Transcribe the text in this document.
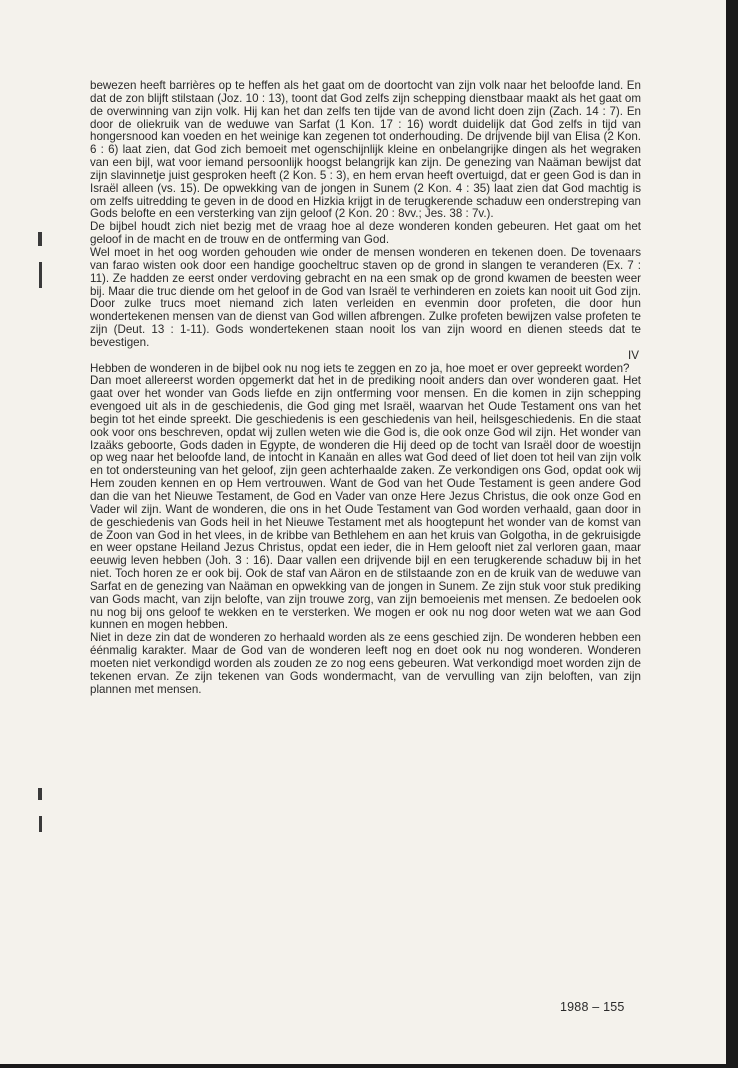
bewezen heeft barrières op te heffen als het gaat om de doortocht van zijn volk naar het beloofde land. En dat de zon blijft stilstaan (Joz. 10 : 13), toont dat God zelfs zijn schepping dienstbaar maakt als het gaat om de overwinning van zijn volk. Hij kan het dan zelfs ten tijde van de avond licht doen zijn (Zach. 14 : 7). En door de oliekruik van de weduwe van Sarfat (1 Kon. 17 : 16) wordt duidelijk dat God zelfs in tijd van hongersnood kan voeden en het weinige kan zegenen tot onderhouding. De drijvende bijl van Elisa (2 Kon. 6 : 6) laat zien, dat God zich bemoeit met ogenschijnlijk kleine en onbelangrijke dingen als het wegraken van een bijl, wat voor iemand persoonlijk hoogst belangrijk kan zijn. De genezing van Naäman bewijst dat zijn slavinnetje juist gesproken heeft (2 Kon. 5 : 3), en hem ervan heeft overtuigd, dat er geen God is dan in Israël alleen (vs. 15). De opwekking van de jongen in Sunem (2 Kon. 4 : 35) laat zien dat God machtig is om zelfs uitredding te geven in de dood en Hizkia krijgt in de terugkerende schaduw een onderstreping van Gods belofte en een versterking van zijn geloof (2 Kon. 20 : 8vv.; Jes. 38 : 7v.).

De bijbel houdt zich niet bezig met de vraag hoe al deze wonderen konden gebeuren. Het gaat om het geloof in de macht en de trouw en de ontferming van God.

Wel moet in het oog worden gehouden wie onder de mensen wonderen en tekenen doen. De tovenaars van farao wisten ook door een handige goocheltruc staven op de grond in slangen te veranderen (Ex. 7 : 11). Ze hadden ze eerst onder verdoving gebracht en na een smak op de grond kwamen de beesten weer bij. Maar die truc diende om het geloof in de God van Israël te verhinderen en zoiets kan nooit uit God zijn. Door zulke trucs moet niemand zich laten verleiden en evenmin door profeten, die door hun wondertekenen mensen van de dienst van God willen afbrengen. Zulke profeten bewijzen valse profeten te zijn (Deut. 13 : 1-11). Gods wondertekenen staan nooit los van zijn woord en dienen steeds dat te bevestigen.

IV

Hebben de wonderen in de bijbel ook nu nog iets te zeggen en zo ja, hoe moet er over gepreekt worden?

Dan moet allereerst worden opgemerkt dat het in de prediking nooit anders dan over wonderen gaat. Het gaat over het wonder van Gods liefde en zijn ontferming voor mensen. En die komen in zijn schepping evengoed uit als in de geschiedenis, die God ging met Israël, waarvan het Oude Testament ons van het begin tot het einde spreekt. Die geschiedenis is een geschiedenis van heil, heilsgeschiedenis. En die staat ook voor ons beschreven, opdat wij zullen weten wie die God is, die ook onze God wil zijn. Het wonder van Izaäks geboorte, Gods daden in Egypte, de wonderen die Hij deed op de tocht van Israël door de woestijn op weg naar het beloofde land, de intocht in Kanaän en alles wat God deed of liet doen tot heil van zijn volk en tot ondersteuning van het geloof, zijn geen achterhaalde zaken. Ze verkondigen ons God, opdat ook wij Hem zouden kennen en op Hem vertrouwen. Want de God van het Oude Testament is geen andere God dan die van het Nieuwe Testament, de God en Vader van onze Here Jezus Christus, die ook onze God en Vader wil zijn. Want de wonderen, die ons in het Oude Testament van God worden verhaald, gaan door in de geschiedenis van Gods heil in het Nieuwe Testament met als hoogtepunt het wonder van de komst van de Zoon van God in het vlees, in de kribbe van Bethlehem en aan het kruis van Golgotha, in de gekruisigde en weer opstane Heiland Jezus Christus, opdat een ieder, die in Hem gelooft niet zal verloren gaan, maar eeuwig leven hebben (Joh. 3 : 16). Daar vallen een drijvende bijl en een terugkerende schaduw bij in het niet. Toch horen ze er ook bij. Ook de staf van Aäron en de stilstaande zon en de kruik van de weduwe van Sarfat en de genezing van Naäman en opwekking van de jongen in Sunem. Ze zijn stuk voor stuk prediking van Gods macht, van zijn belofte, van zijn trouwe zorg, van zijn bemoeienis met mensen. Ze bedoelen ook nu nog bij ons geloof te wekken en te versterken. We mogen er ook nu nog door weten wat we aan God kunnen en mogen hebben.

Niet in deze zin dat de wonderen zo herhaald worden als ze eens geschied zijn. De wonderen hebben een éénmalig karakter. Maar de God van de wonderen leeft nog en doet ook nu nog wonderen. Wonderen moeten niet verkondigd worden als zouden ze zo nog eens gebeuren. Wat verkondigd moet worden zijn de tekenen ervan. Ze zijn tekenen van Gods wondermacht, van de vervulling van zijn beloften, van zijn plannen met mensen.

1988 – 155
